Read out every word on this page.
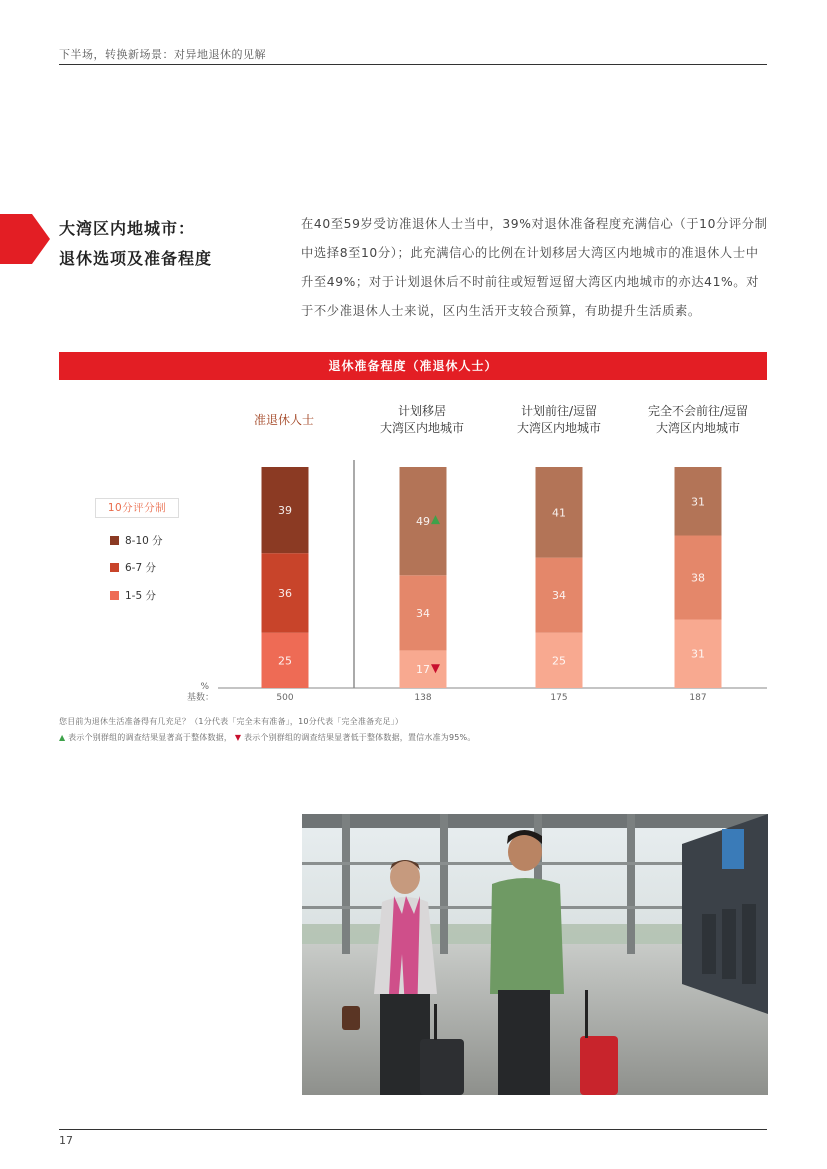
下半场，转换新场景：对异地退休的见解
大湾区内地城市：
退休选项及准备程度
在40至59岁受访准退休人士当中，39%对退休准备程度充满信心（于10分评分制中选择8至10分）；此充满信心的比例在计划移居大湾区内地城市的准退休人士中升至49%；对于计划退休后不时前往或短暂逗留大湾区内地城市的亦达41%。对于不少准退休人士来说，区内生活开支较合预算，有助提升生活质素。
退休准备程度（准退休人士）
准退休人士
计划移居
大湾区内地城市
计划前往/逗留
大湾区内地城市
完全不会前往/逗留
大湾区内地城市
10分评分制
8-10 分
6-7 分
1-5 分
%
基数：
25
36
39
500
17
34
49
138
25
34
41
175
31
38
31
187
您目前为退休生活准备得有几充足？（1分代表「完全未有准备」，10分代表「完全准备充足」）
▲ 表示个别群组的调查结果显著高于整体数据， ▼ 表示个别群组的调查结果显著低于整体数据，置信水准为95%。
17
